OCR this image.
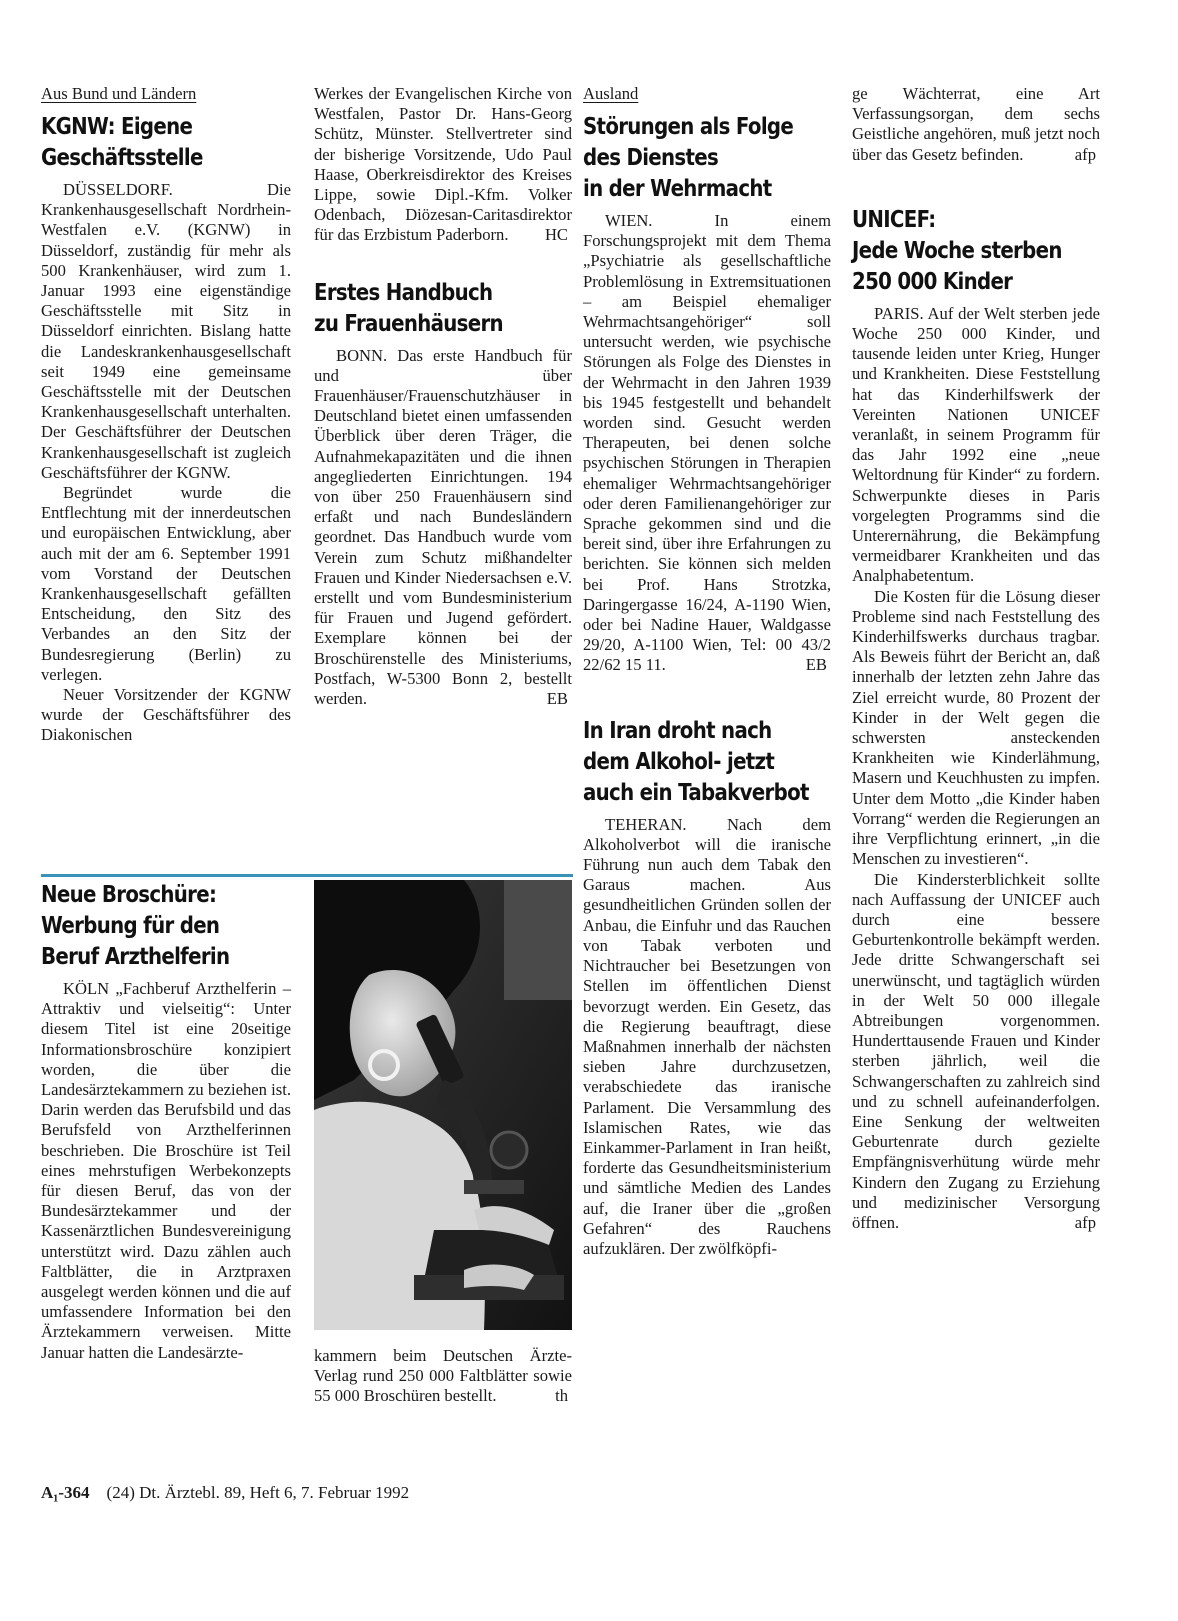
Aus Bund und Ländern
KGNW: Eigene
Geschäftsstelle

DÜSSELDORF. Die Krankenhausgesellschaft Nordrhein-Westfalen e.V. (KGNW) in Düsseldorf, zuständig für mehr als 500 Krankenhäuser, wird zum 1. Januar 1993 eine eigenständige Geschäftsstelle mit Sitz in Düsseldorf einrichten. Bislang hatte die Landeskrankenhausgesellschaft seit 1949 eine gemeinsame Geschäftsstelle mit der Deutschen Krankenhausgesellschaft unterhalten. Der Geschäftsführer der Deutschen Krankenhausgesellschaft ist zugleich Geschäftsführer der KGNW.

Begründet wurde die Entflechtung mit der innerdeutschen und europäischen Entwicklung, aber auch mit der am 6. September 1991 vom Vorstand der Deutschen Krankenhausgesellschaft gefällten Entscheidung, den Sitz des Verbandes an den Sitz der Bundesregierung (Berlin) zu verlegen.

Neuer Vorsitzender der KGNW wurde der Geschäftsführer des Diakonischen

Werkes der Evangelischen Kirche von Westfalen, Pastor Dr. Hans-Georg Schütz, Münster. Stellvertreter sind der bisherige Vorsitzende, Udo Paul Haase, Oberkreisdirektor des Kreises Lippe, sowie Dipl.-Kfm. Volker Odenbach, Diözesan-Caritasdirektor für das Erzbistum Paderborn. HC

Erstes Handbuch
zu Frauenhäusern

BONN. Das erste Handbuch für und über Frauenhäuser/Frauenschutzhäuser in Deutschland bietet einen umfassenden Überblick über deren Träger, die Aufnahmekapazitäten und die ihnen angegliederten Einrichtungen. 194 von über 250 Frauenhäusern sind erfaßt und nach Bundesländern geordnet. Das Handbuch wurde vom Verein zum Schutz mißhandelter Frauen und Kinder Niedersachsen e.V. erstellt und vom Bundesministerium für Frauen und Jugend gefördert. Exemplare können bei der Broschürenstelle des Ministeriums, Postfach, W-5300 Bonn 2, bestellt werden.	EB

Neue Broschüre:
Werbung für den
Beruf Arzthelferin

KÖLN „Fachberuf Arzthelferin – Attraktiv und vielseitig“: Unter diesem Titel ist eine 20seitige Informationsbroschüre konzipiert worden, die über die Landesärztekammern zu beziehen ist. Darin werden das Berufsbild und das Berufsfeld von Arzthelferinnen beschrieben. Die Broschüre ist Teil eines mehrstufigen Werbekonzepts für diesen Beruf, das von der Bundesärztekammer und der Kassenärztlichen Bundesvereinigung unterstützt wird. Dazu zählen auch Faltblätter, die in Arztpraxen ausgelegt werden können und die auf umfassendere Information bei den Ärztekammern verweisen. Mitte Januar hatten die Landesärzte-	kammern beim Deutschen Ärzte-Verlag rund 250 000 Faltblätter sowie 55 000 Broschüren bestellt.	th

Ausland
Störungen als Folge
des Dienstes
in der Wehrmacht

WIEN. In einem Forschungsprojekt mit dem Thema „Psychiatrie als gesellschaftliche Problemlösung in Extremsituationen – am Beispiel ehemaliger Wehrmachtsangehöriger“ soll untersucht werden, wie psychische Störungen als Folge des Dienstes in der Wehrmacht in den Jahren 1939 bis 1945 festgestellt und behandelt worden sind. Gesucht werden Therapeuten, bei denen solche psychischen Störungen in Therapien ehemaliger Wehrmachtsangehöriger oder deren Familienangehöriger zur Sprache gekommen sind und die bereit sind, über ihre Erfahrungen zu berichten. Sie können sich melden bei Prof. Hans Strotzka, Daringergasse 16/24, A-1190 Wien, oder bei Nadine Hauer, Waldgasse 29/20, A-1100 Wien, Tel: 00 43/2 22/62 15 11.	EB

In Iran droht nach
dem Alkohol- jetzt
auch ein Tabakverbot

TEHERAN. Nach dem Alkoholverbot will die iranische Führung nun auch dem Tabak den Garaus machen. Aus gesundheitlichen Gründen sollen der Anbau, die Einfuhr und das Rauchen von Tabak verboten und Nichtraucher bei Besetzungen von Stellen im öffentlichen Dienst bevorzugt werden. Ein Gesetz, das die Regierung beauftragt, diese Maßnahmen innerhalb der nächsten sieben Jahre durchzusetzen, verabschiedete das iranische Parlament. Die Versammlung des Islamischen Rates, wie das Einkammer-Parlament in Iran heißt, forderte das Gesundheitsministerium und sämtliche Medien des Landes auf, die Iraner über die „großen Gefahren“ des Rauchens aufzuklären. Der zwölfköpfi-

ge Wächterrat, eine Art Verfassungsorgan, dem sechs Geistliche angehören, muß jetzt noch über das Gesetz befinden.	afp

UNICEF:
Jede Woche sterben
250 000 Kinder

PARIS. Auf der Welt sterben jede Woche 250 000 Kinder, und tausende leiden unter Krieg, Hunger und Krankheiten. Diese Feststellung hat das Kinderhilfswerk der Vereinten Nationen UNICEF veranlaßt, in seinem Programm für das Jahr 1992 eine „neue Weltordnung für Kinder“ zu fordern. Schwerpunkte dieses in Paris vorgelegten Programms sind die Unterernährung, die Bekämpfung vermeidbarer Krankheiten und das Analphabetentum.

Die Kosten für die Lösung dieser Probleme sind nach Feststellung des Kinderhilfswerks durchaus tragbar. Als Beweis führt der Bericht an, daß innerhalb der letzten zehn Jahre das Ziel erreicht wurde, 80 Prozent der Kinder in der Welt gegen die schwersten ansteckenden Krankheiten wie Kinderlähmung, Masern und Keuchhusten zu impfen. Unter dem Motto „die Kinder haben Vorrang“ werden die Regierungen an ihre Verpflichtung erinnert, „in die Menschen zu investieren“.

Die Kindersterblichkeit sollte nach Auffassung der UNICEF auch durch eine bessere Geburtenkontrolle bekämpft werden. Jede dritte Schwangerschaft sei unerwünscht, und tagtäglich würden in der Welt 50 000 illegale Abtreibungen vorgenommen. Hunderttausende Frauen und Kinder sterben jährlich, weil die Schwangerschaften zu zahlreich sind und zu schnell aufeinanderfolgen. Eine Senkung der weltweiten Geburtenrate durch gezielte Empfängnisverhütung würde mehr Kindern den Zugang zu Erziehung und medizinischer Versorgung öffnen.	afp

A₁-364 (24) Dt. Ärztebl. 89, Heft 6, 7. Februar 1992
